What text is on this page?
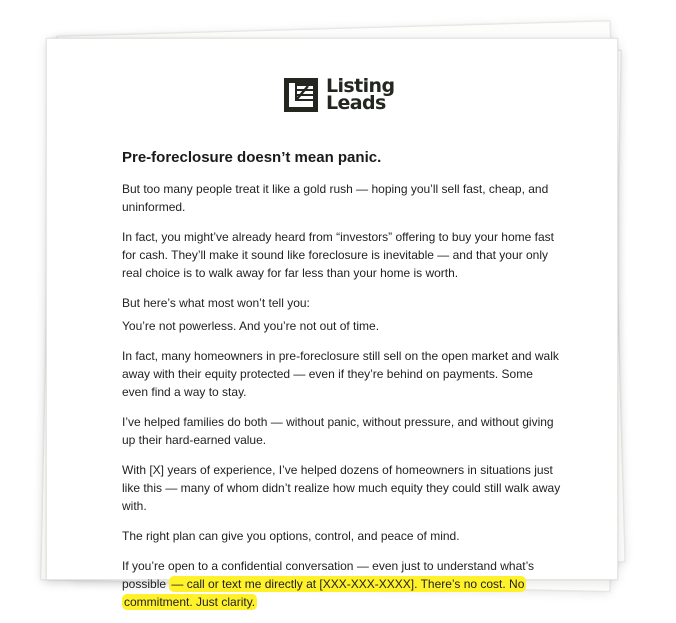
Listing
Leads
Pre-foreclosure doesn’t mean panic.

But too many people treat it like a gold rush — hoping you’ll sell fast, cheap, and uninformed.

In fact, you might’ve already heard from “investors” offering to buy your home fast for cash. They’ll make it sound like foreclosure is inevitable — and that your only real choice is to walk away for far less than your home is worth.

But here’s what most won’t tell you:

You’re not powerless. And you’re not out of time.

In fact, many homeowners in pre-foreclosure still sell on the open market and walk away with their equity protected — even if they’re behind on payments. Some even find a way to stay.

I’ve helped families do both — without panic, without pressure, and without giving up their hard-earned value.

With [X] years of experience, I’ve helped dozens of homeowners in situations just like this — many of whom didn’t realize how much equity they could still walk away with.

The right plan can give you options, control, and peace of mind.

If you’re open to a confidential conversation — even just to understand what’s possible — call or text me directly at [XXX-XXX-XXXX]. There’s no cost. No commitment. Just clarity.
